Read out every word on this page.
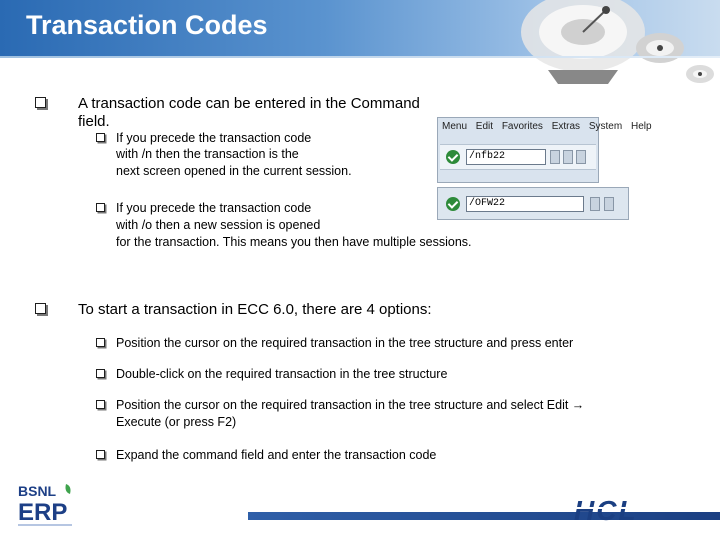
Transaction Codes
A transaction code can be entered in the Command field.
If you precede the transaction code
with /n then the transaction is the
next screen opened in the current session.
Menu Edit Favorites Extras System Help
/nfb22
If you precede the transaction code
with /o then a new session is opened
for the transaction. This means you then have multiple sessions.
/OFW22
To start a transaction in ECC 6.0, there are 4 options:
Position the cursor on the required transaction in the tree structure and press enter
Double-click on the required transaction in the tree structure
Position the cursor on the required transaction in the tree structure and select Edit →
Execute (or press F2)
Expand the command field and enter the transaction code
BSNL
ERP	HCL
